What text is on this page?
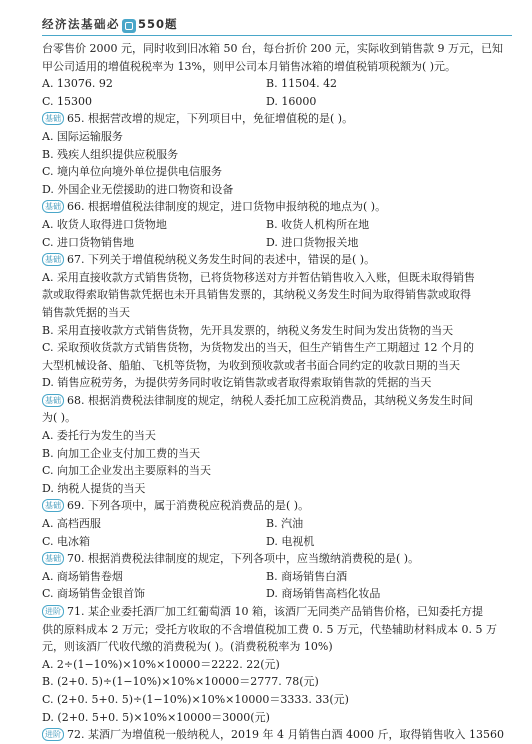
经济法基础必 550题
台零售价 2000 元，同时收到旧冰箱 50 台，每台折价 200 元，实际收到销售款 9 万元，已知
甲公司适用的增值税税率为 13%，则甲公司本月销售冰箱的增值税销项税额为( )元。
A. 13076. 92	B. 11504. 42
C. 15300	D. 16000
基础 65. 根据营改增的规定，下列项目中，免征增值税的是( )。
A. 国际运输服务
B. 残疾人组织提供应税服务
C. 境内单位向境外单位提供电信服务
D. 外国企业无偿援助的进口物资和设备
基础 66. 根据增值税法律制度的规定，进口货物申报纳税的地点为( )。
A. 收货人取得进口货物地	B. 收货人机构所在地
C. 进口货物销售地	D. 进口货物报关地
基础 67. 下列关于增值税纳税义务发生时间的表述中，错误的是( )。
A. 采用直接收款方式销售货物，已将货物移送对方并暂估销售收入入账，但既未取得销售
款或取得索取销售款凭据也未开具销售发票的，其纳税义务发生时间为取得销售款或取得
销售款凭据的当天
B. 采用直接收款方式销售货物，先开具发票的，纳税义务发生时间为发出货物的当天
C. 采取预收货款方式销售货物，为货物发出的当天，但生产销售生产工期超过 12 个月的
大型机械设备、船舶、飞机等货物，为收到预收款或者书面合同约定的收款日期的当天
D. 销售应税劳务，为提供劳务同时收讫销售款或者取得索取销售款的凭据的当天
基础 68. 根据消费税法律制度的规定，纳税人委托加工应税消费品，其纳税义务发生时间
为( )。
A. 委托行为发生的当天
B. 向加工企业支付加工费的当天
C. 向加工企业发出主要原料的当天
D. 纳税人提货的当天
基础 69. 下列各项中，属于消费税应税消费品的是( )。
A. 高档西服	B. 汽油
C. 电冰箱	D. 电视机
基础 70. 根据消费税法律制度的规定，下列各项中，应当缴纳消费税的是( )。
A. 商场销售卷烟	B. 商场销售白酒
C. 商场销售金银首饰	D. 商场销售高档化妆品
进阶 71. 某企业委托酒厂加工红葡萄酒 10 箱，该酒厂无同类产品销售价格，已知委托方提
供的原料成本 2 万元；受托方收取的不含增值税加工费 0. 5 万元，代垫辅助材料成本 0. 5 万
元，则该酒厂代收代缴的消费税为( )。(消费税税率为 10%)
A. 2÷(1−10%)×10%×10000＝2222. 22(元)
B. (2+0. 5)÷(1−10%)×10%×10000＝2777. 78(元)
C. (2+0. 5+0. 5)÷(1−10%)×10%×10000＝3333. 33(元)
D. (2+0. 5+0. 5)×10%×10000＝3000(元)
进阶 72. 某酒厂为增值税一般纳税人，2019 年 4 月销售白酒 4000 斤，取得销售收入 13560
